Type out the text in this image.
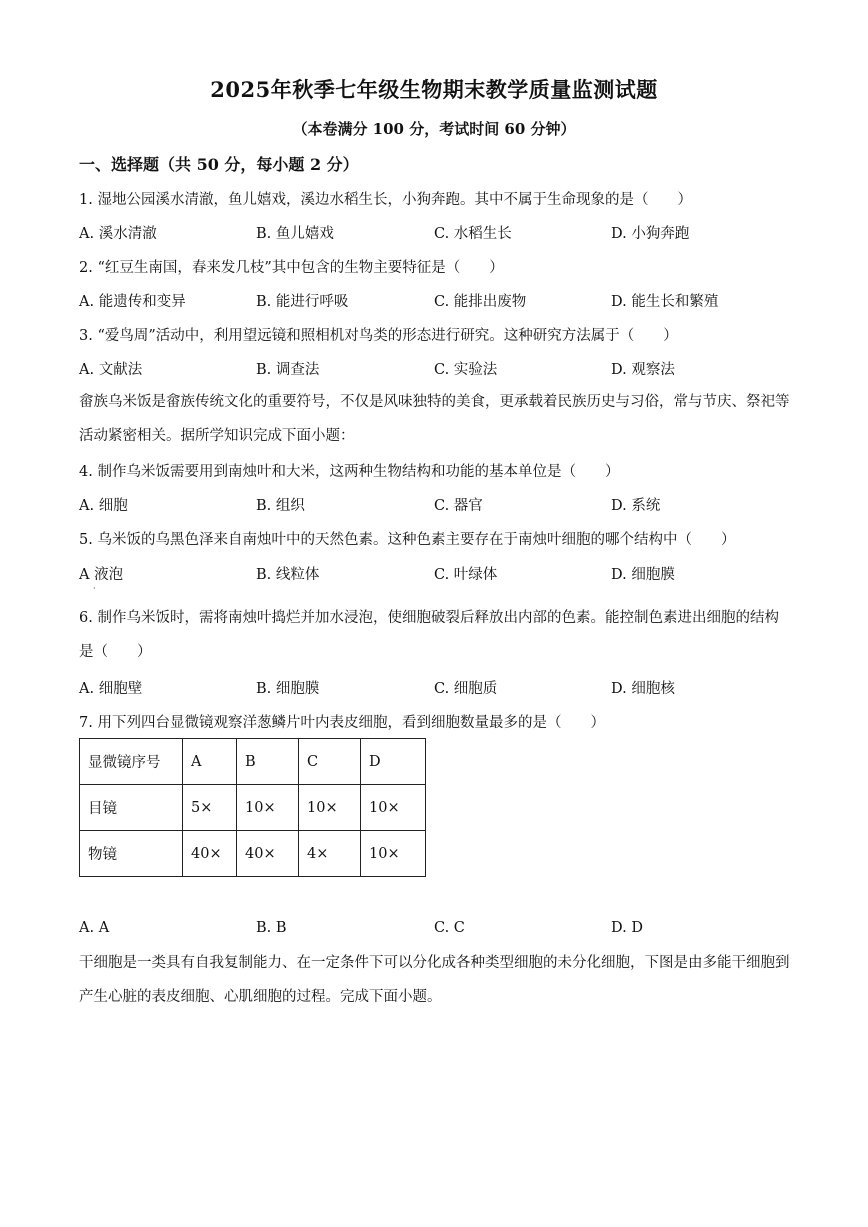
2025年秋季七年级生物期末教学质量监测试题
（本卷满分 100 分，考试时间 60 分钟）
一、选择题（共 50 分，每小题 2 分）
1. 湿地公园溪水清澈，鱼儿嬉戏，溪边水稻生长，小狗奔跑。其中不属于生命现象的是（　　）
A. 溪水清澈	B. 鱼儿嬉戏	C. 水稻生长	D. 小狗奔跑
2. “红豆生南国，春来发几枝”其中包含的生物主要特征是（　　）
A. 能遗传和变异	B. 能进行呼吸	C. 能排出废物	D. 能生长和繁殖
3. “爱鸟周”活动中，利用望远镜和照相机对鸟类的形态进行研究。这种研究方法属于（　　）
A. 文献法	B. 调查法	C. 实验法	D. 观察法
畲族乌米饭是畲族传统文化的重要符号，不仅是风味独特的美食，更承载着民族历史与习俗，常与节庆、祭祀等活动紧密相关。据所学知识完成下面小题：
4. 制作乌米饭需要用到南烛叶和大米，这两种生物结构和功能的基本单位是（　　）
A. 细胞	B. 组织	C. 器官	D. 系统
5. 乌米饭的乌黑色泽来自南烛叶中的天然色素。这种色素主要存在于南烛叶细胞的哪个结构中（　　）
A 液泡
·
B. 线粒体	C. 叶绿体	D. 细胞膜
6. 制作乌米饭时，需将南烛叶捣烂并加水浸泡，使细胞破裂后释放出内部的色素。能控制色素进出细胞的结构是（　　）
A. 细胞壁	B. 细胞膜	C. 细胞质	D. 细胞核
7. 用下列四台显微镜观察洋葱鳞片叶内表皮细胞，看到细胞数量最多的是（　　）
显微镜序号	A	B	C	D
目镜	5×	10×	10×	10×
物镜	40×	40×	4×	10×
A. A	B. B	C. C	D. D
干细胞是一类具有自我复制能力、在一定条件下可以分化成各种类型细胞的未分化细胞，下图是由多能干细胞到产生心脏的表皮细胞、心肌细胞的过程。完成下面小题。
